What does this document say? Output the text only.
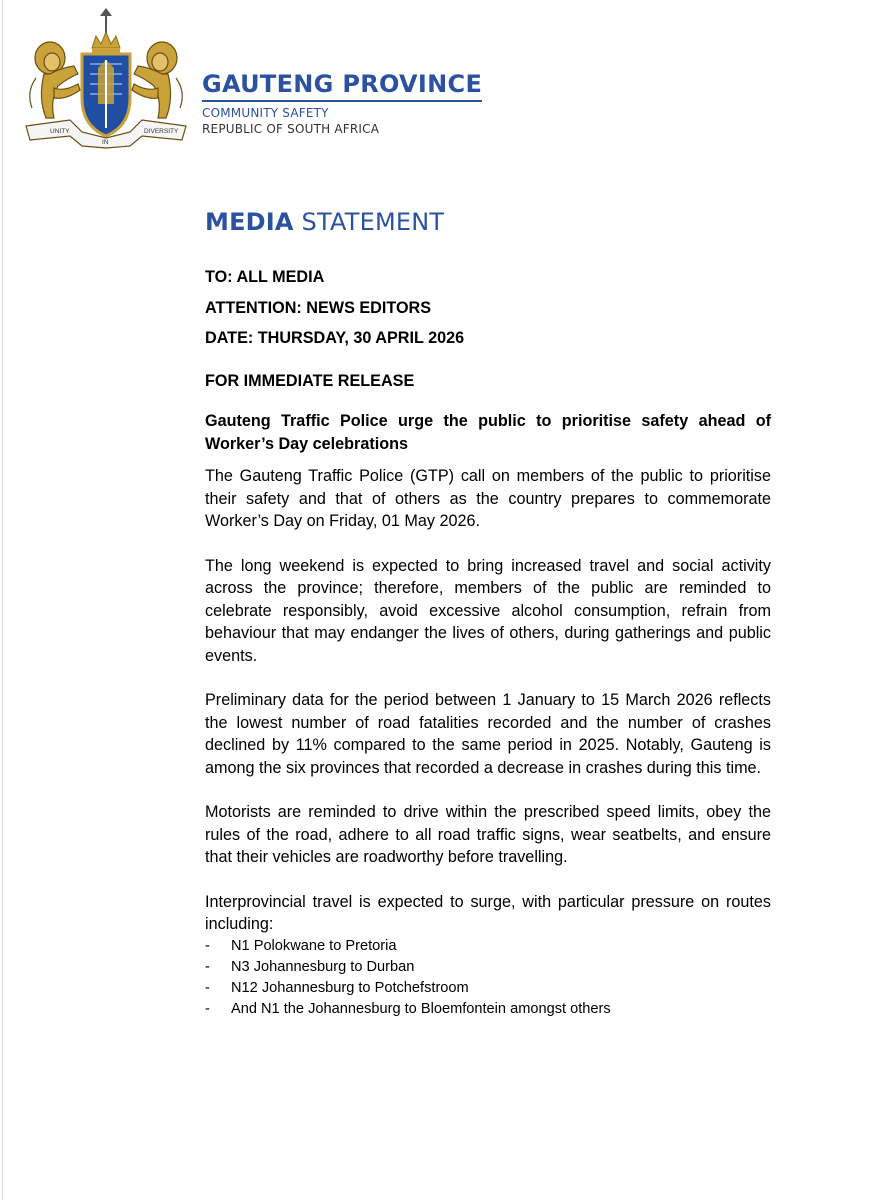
UNITY
IN
DIVERSITY
GAUTENG PROVINCE
COMMUNITY SAFETY
REPUBLIC OF SOUTH AFRICA
MEDIA STATEMENT

TO: ALL MEDIA

ATTENTION: NEWS EDITORS

DATE: THURSDAY, 30 APRIL 2026

FOR IMMEDIATE RELEASE

Gauteng Traffic Police urge the public to prioritise safety ahead of Worker’s Day celebrations

The Gauteng Traffic Police (GTP) call on members of the public to prioritise their safety and that of others as the country prepares to commemorate Worker’s Day on Friday, 01 May 2026.

The long weekend is expected to bring increased travel and social activity across the province; therefore, members of the public are reminded to celebrate responsibly, avoid excessive alcohol consumption, refrain from behaviour that may endanger the lives of others, during gatherings and public events.

Preliminary data for the period between 1 January to 15 March 2026 reflects the lowest number of road fatalities recorded and the number of crashes declined by 11% compared to the same period in 2025. Notably, Gauteng is among the six provinces that recorded a decrease in crashes during this time.

Motorists are reminded to drive within the prescribed speed limits, obey the rules of the road, adhere to all road traffic signs, wear seatbelts, and ensure that their vehicles are roadworthy before travelling.

Interprovincial travel is expected to surge, with particular pressure on routes including:

- N1 Polokwane to Pretoria
- N3 Johannesburg to Durban
- N12 Johannesburg to Potchefstroom
- And N1 the Johannesburg to Bloemfontein amongst others
